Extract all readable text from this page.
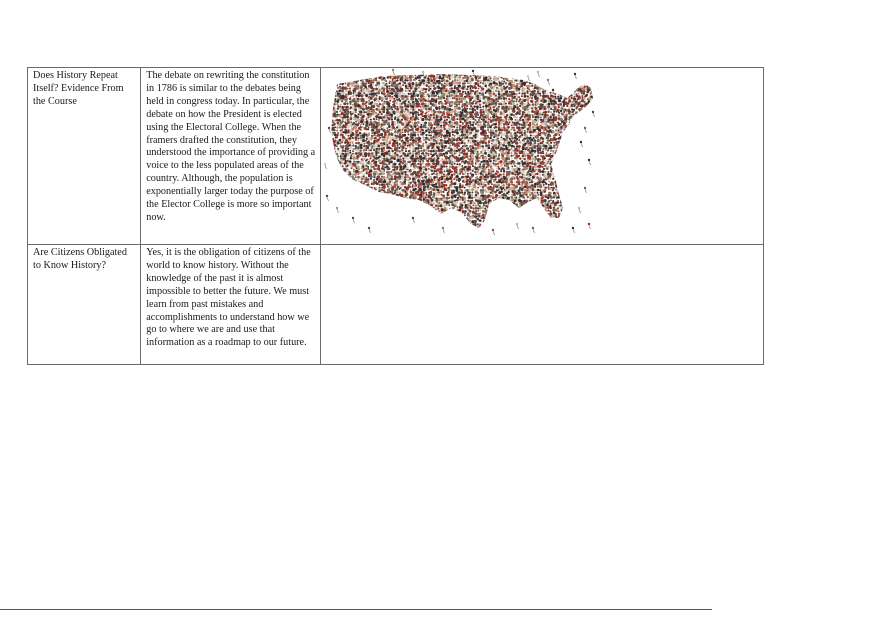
Does History Repeat Itself? Evidence From the Course	The debate on rewriting the constitution in 1786 is similar to the debates being held in congress today. In particular, the debate on how the President is elected using the Electoral College. When the framers drafted the constitution, they understood the importance of providing a voice to the less populated areas of the country. Although, the population is exponentially larger today the purpose of the Elector College is more so important now.	

Are Citizens Obligated to Know History?	Yes, it is the obligation of citizens of the world to know history. Without the knowledge of the past it is almost impossible to better the future. We must learn from past mistakes and accomplishments to understand how we go to where we are and use that information as a roadmap to our future.	
